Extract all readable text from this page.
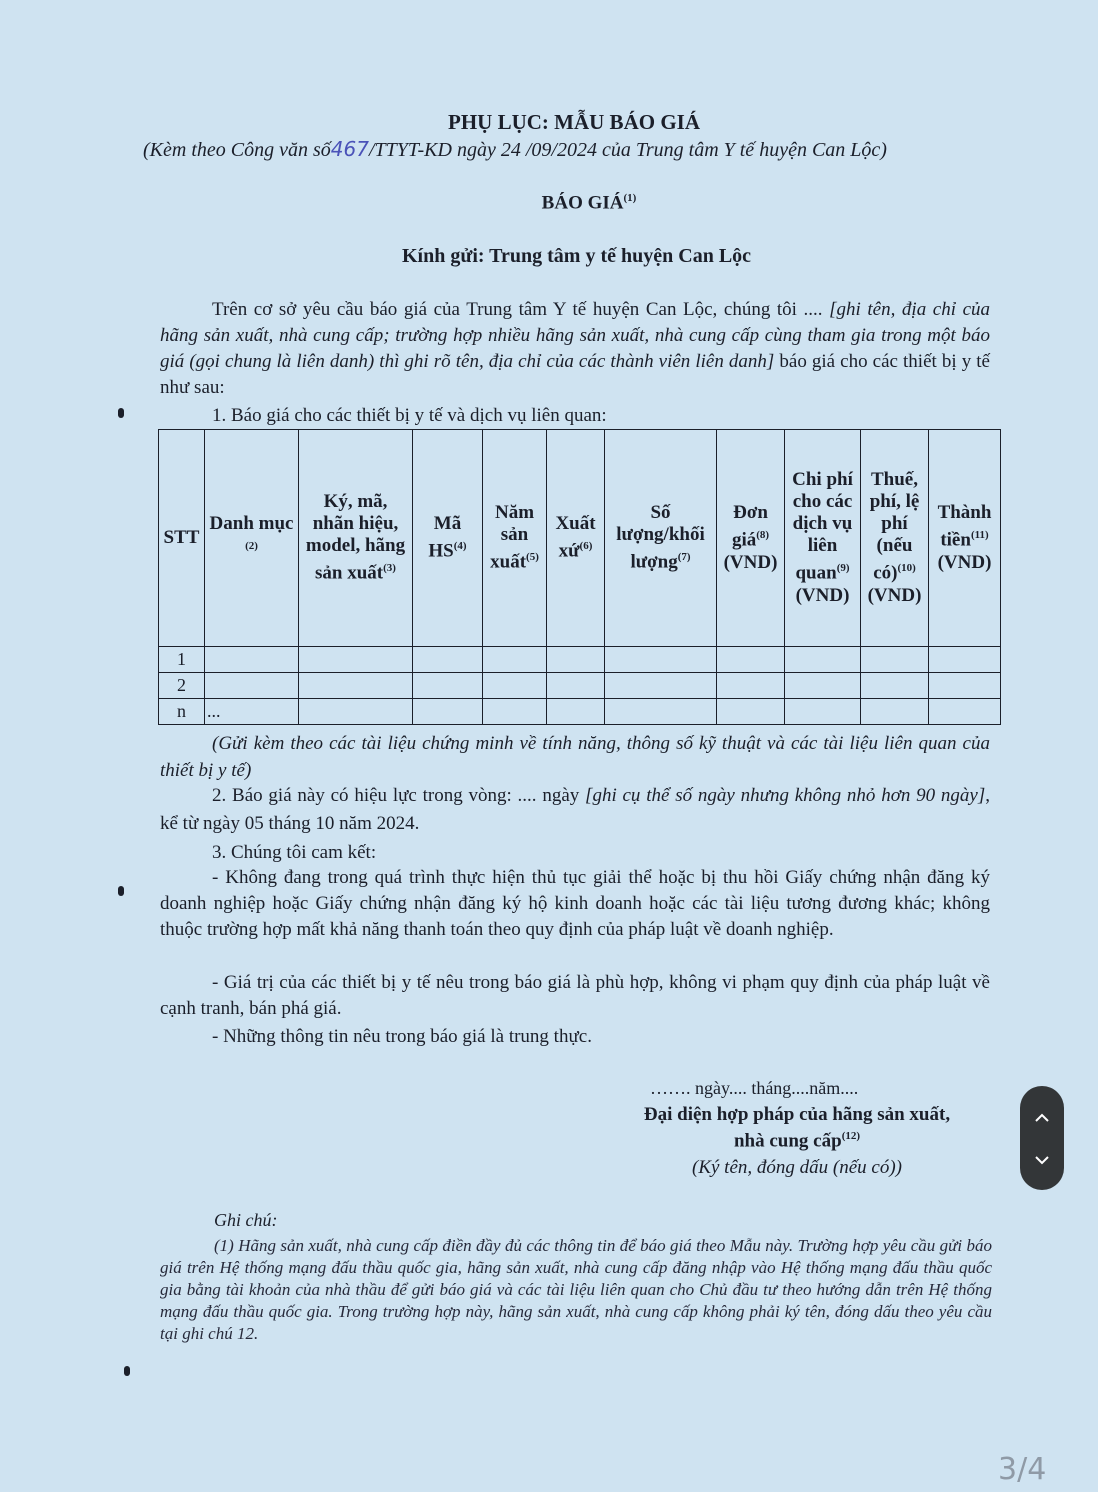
PHỤ LỤC: MẪU BÁO GIÁ
(Kèm theo Công văn số467/TTYT-KD ngày 24 /09/2024 của Trung tâm Y tế huyện Can Lộc)
BÁO GIÁ$^{(1)}$
Kính gửi: Trung tâm y tế huyện Can Lộc
Trên cơ sở yêu cầu báo giá của Trung tâm Y tế huyện Can Lộc, chúng tôi .... [ghi tên, địa chỉ của hãng sản xuất, nhà cung cấp; trường hợp nhiều hãng sản xuất, nhà cung cấp cùng tham gia trong một báo giá (gọi chung là liên danh) thì ghi rõ tên, địa chỉ của các thành viên liên danh] báo giá cho các thiết bị y tế như sau:
1. Báo giá cho các thiết bị y tế và dịch vụ liên quan:
STT	Danh mục $^{(2)}$	Ký, mã, nhãn hiệu, model, hãng sản xuất$^{(3)}$	Mã HS$^{(4)}$	Năm sản xuất$^{(5)}$	Xuất xứ$^{(6)}$	Số lượng/khối lượng$^{(7)}$	Đơn giá$^{(8)}$ (VND)	Chi phí cho các dịch vụ liên quan$^{(9)}$ (VND)	Thuế, phí, lệ phí (nếu có)$^{(10)}$ (VND)	Thành tiền$^{(11)}$ (VND)
1										
2										
n	...									
(Gửi kèm theo các tài liệu chứng minh về tính năng, thông số kỹ thuật và các tài liệu liên quan của thiết bị y tế)
2. Báo giá này có hiệu lực trong vòng: .... ngày [ghi cụ thể số ngày nhưng không nhỏ hơn 90 ngày], kể từ ngày 05 tháng 10 năm 2024.
3. Chúng tôi cam kết:
- Không đang trong quá trình thực hiện thủ tục giải thể hoặc bị thu hồi Giấy chứng nhận đăng ký doanh nghiệp hoặc Giấy chứng nhận đăng ký hộ kinh doanh hoặc các tài liệu tương đương khác; không thuộc trường hợp mất khả năng thanh toán theo quy định của pháp luật về doanh nghiệp.
- Giá trị của các thiết bị y tế nêu trong báo giá là phù hợp, không vi phạm quy định của pháp luật về cạnh tranh, bán phá giá.
- Những thông tin nêu trong báo giá là trung thực.
……. ngày.... tháng....năm....
Đại diện hợp pháp của hãng sản xuất,
nhà cung cấp$^{(12)}$
(Ký tên, đóng dấu (nếu có))
Ghi chú:
(1) Hãng sản xuất, nhà cung cấp điền đầy đủ các thông tin để báo giá theo Mẫu này. Trường hợp yêu cầu gửi báo giá trên Hệ thống mạng đấu thầu quốc gia, hãng sản xuất, nhà cung cấp đăng nhập vào Hệ thống mạng đấu thầu quốc gia bằng tài khoản của nhà thầu để gửi báo giá và các tài liệu liên quan cho Chủ đầu tư theo hướng dẫn trên Hệ thống mạng đấu thầu quốc gia. Trong trường hợp này, hãng sản xuất, nhà cung cấp không phải ký tên, đóng dấu theo yêu cầu tại ghi chú 12.
3/4
